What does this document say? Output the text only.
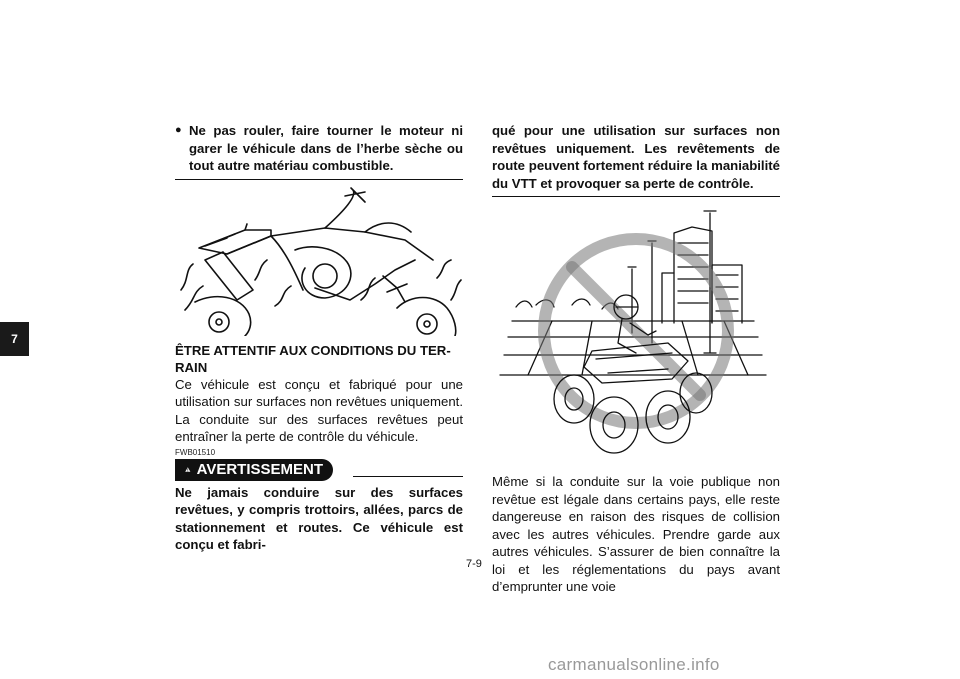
7
● Ne pas rouler, faire tourner le moteur ni garer le véhicule dans de l’herbe sèche ou tout autre matériau combustible.
ÊTRE ATTENTIF AUX CONDITIONS DU TER-
RAIN
Ce véhicule est conçu et fabriqué pour une utilisation sur surfaces non revêtues uniquement. La conduite sur des surfaces revêtues peut entraîner la perte de contrôle du véhicule.
FWB01510
AVERTISSEMENT
Ne jamais conduire sur des surfaces revêtues, y compris trottoirs, allées, parcs de stationnement et routes. Ce véhicule est conçu et fabri-
qué pour une utilisation sur surfaces non revêtues uniquement. Les revêtements de route peuvent fortement réduire la maniabilité du VTT et provoquer sa perte de contrôle.
Même si la conduite sur la voie publique non revêtue est légale dans certains pays, elle reste dangereuse en raison des risques de collision avec les autres véhicules. Prendre garde aux autres véhicules. S’assurer de bien connaître la loi et les réglementations du pays avant d’emprunter une voie
7-9
carmanualsonline.info
